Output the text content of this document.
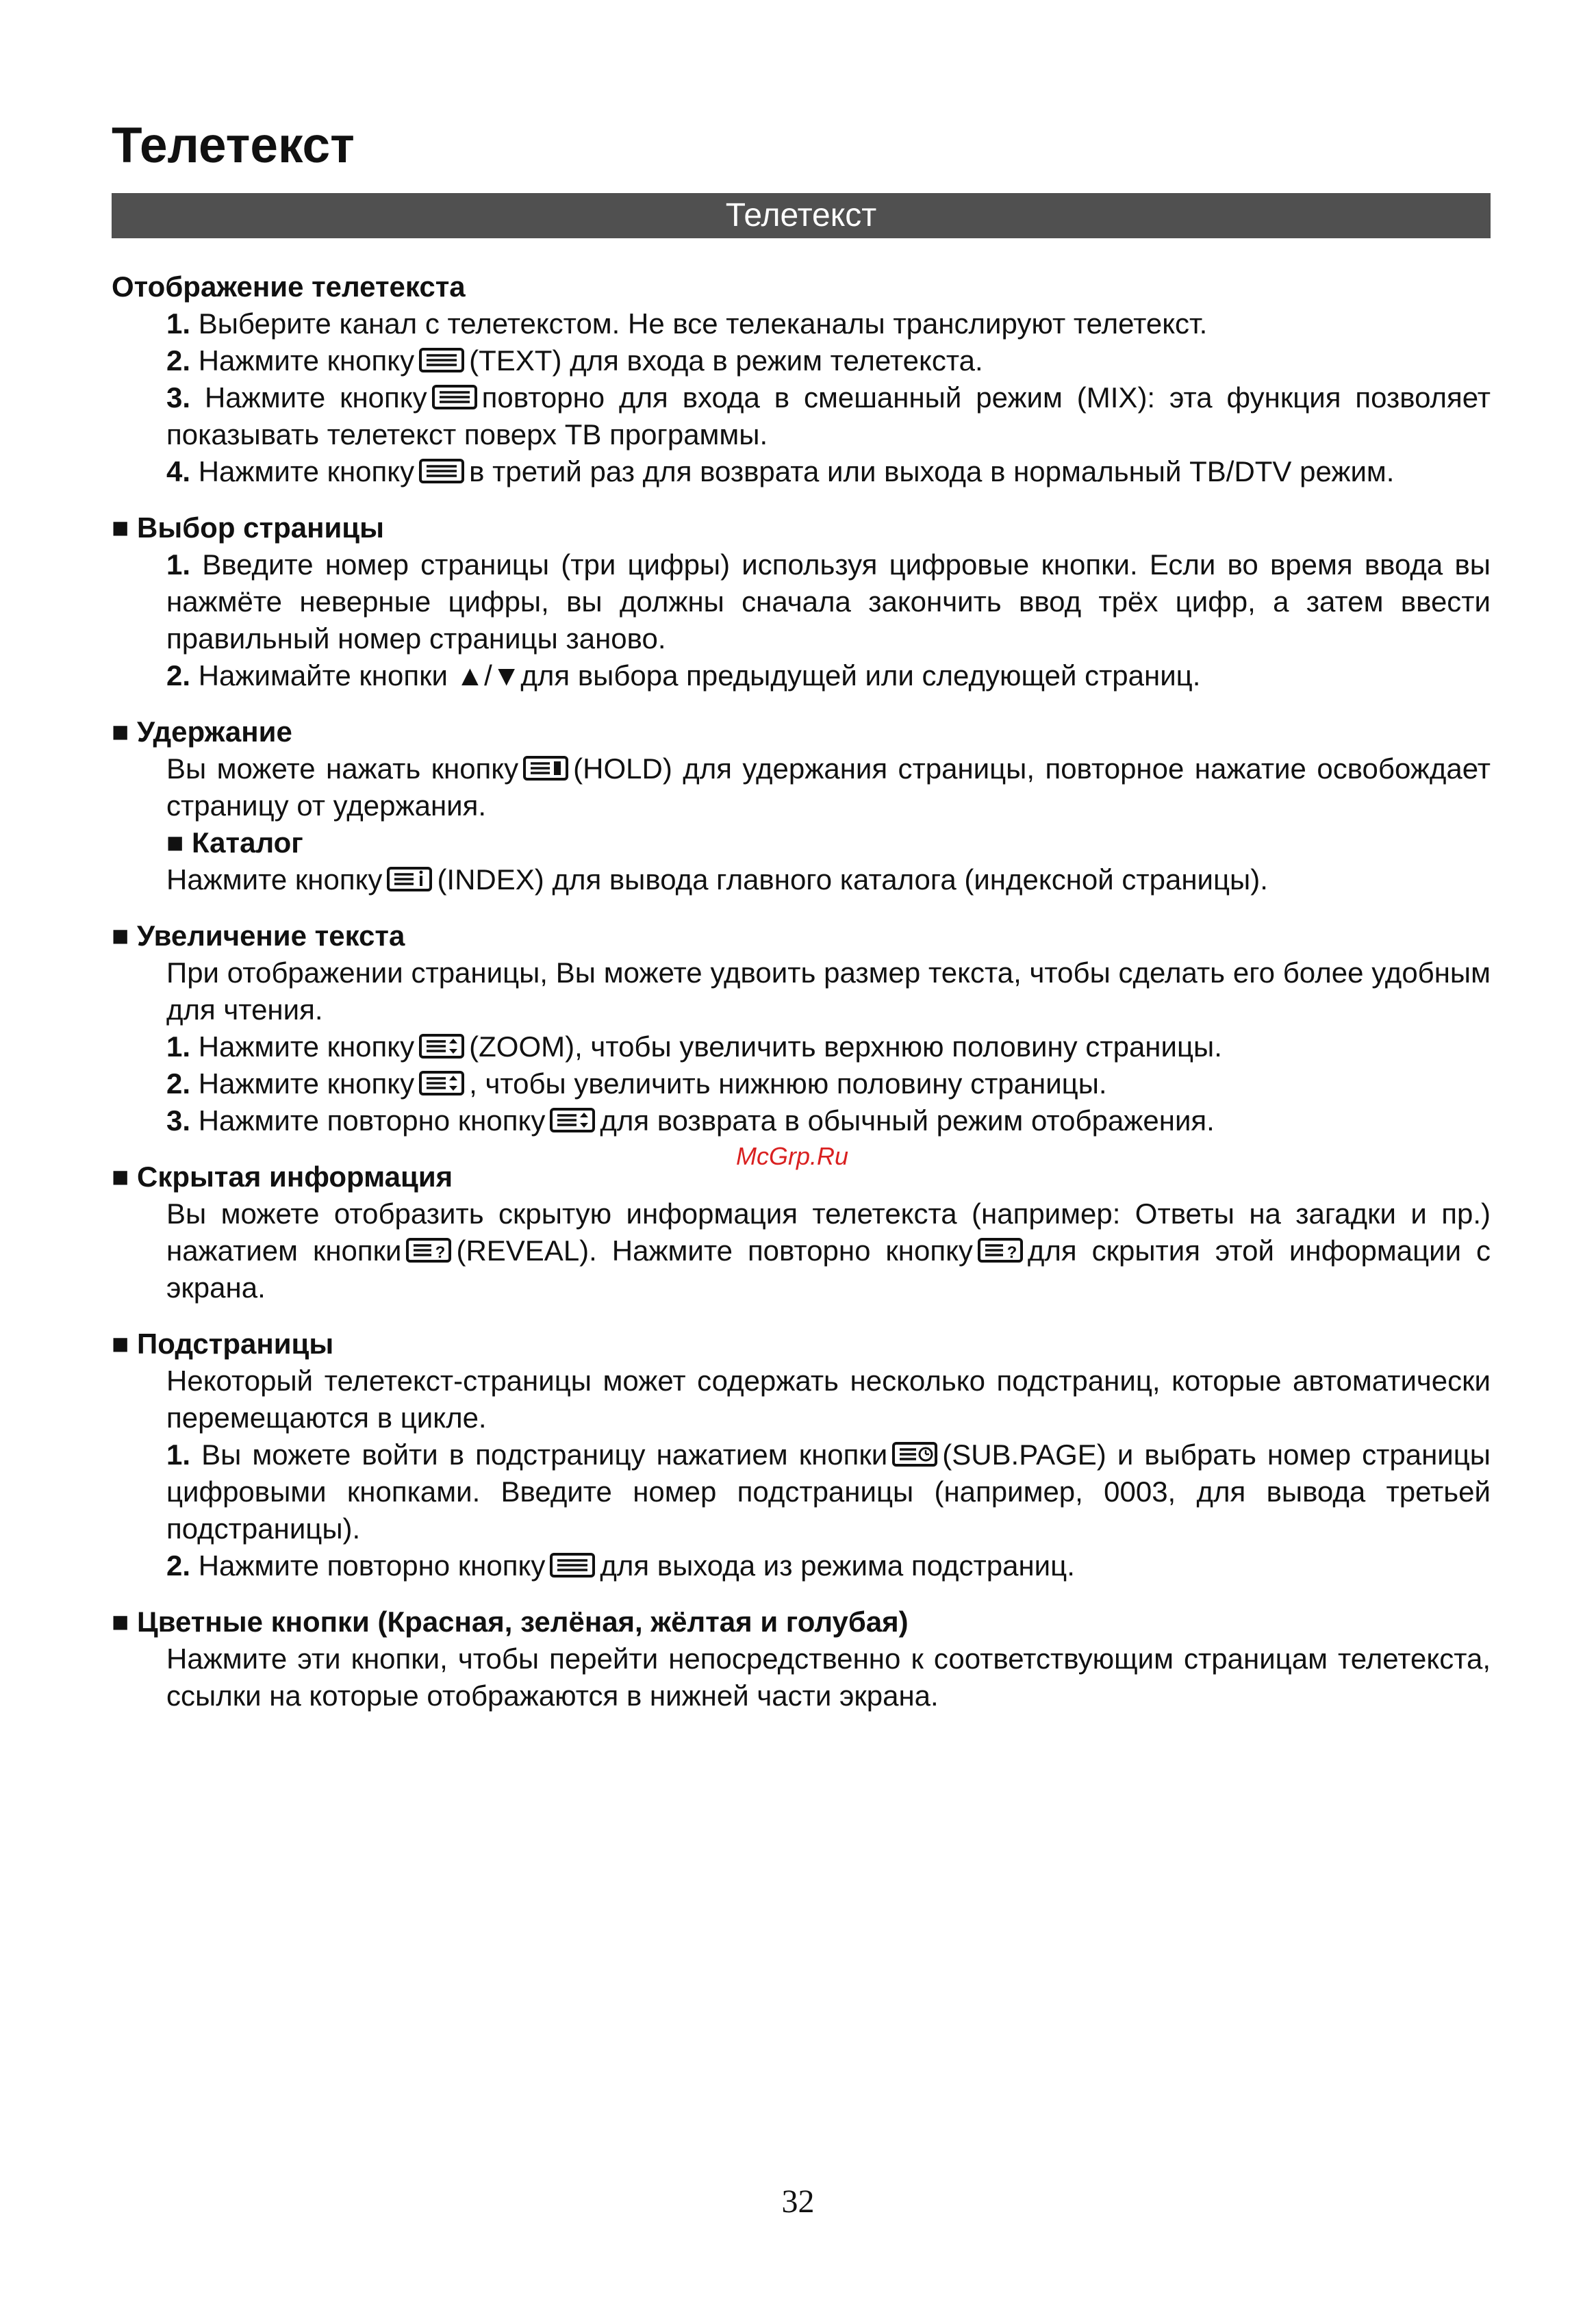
Телетекст
Телетекст
Отображение телетекста

1. Выберите канал с телетекстом. Не все телеканалы транслируют телетекст.

2. Нажмите кнопку (TEXT) для входа в режим телетекста.

3. Нажмите кнопку повторно для входа в смешанный режим (MIX): эта функция позволяет показывать телетекст поверх ТВ программы.

4. Нажмите кнопку в третий раз для возврата или выхода в нормальный ТВ/DTV режим.

■ Выбор страницы

1. Введите номер страницы (три цифры) используя цифровые кнопки. Если во время ввода вы нажмёте неверные цифры, вы должны сначала закончить ввод трёх цифр, а затем ввести правильный номер страницы заново.

2. Нажимайте кнопки ▲/▼для выбора предыдущей или следующей страниц.

■ Удержание

Вы можете нажать кнопку (HOLD) для удержания страницы, повторное нажатие освобождает страницу от удержания.

■ Каталог

Нажмите кнопку (INDEX) для вывода главного каталога (индексной страницы).

■ Увеличение текста

При отображении страницы, Вы можете удвоить размер текста, чтобы сделать его более удобным для чтения.

1. Нажмите кнопку (ZOOM), чтобы увеличить верхнюю половину страницы.

2. Нажмите кнопку , чтобы увеличить нижнюю половину страницы.

3. Нажмите повторно кнопку для возврата в обычный режим отображения.

■ Скрытая информация

Вы можете отобразить скрытую информация телетекста (например: Ответы на загадки и пр.) нажатием кнопки ? (REVEAL). Нажмите повторно кнопку ? для скрытия этой информации с экрана.

■ Подстраницы

Некоторый телетекст-страницы может содержать несколько подстраниц, которые автоматически перемещаются в цикле.

1. Вы можете войти в подстраницу нажатием кнопки (SUB.PAGE) и выбрать номер страницы цифровыми кнопками. Введите номер подстраницы (например, 0003, для вывода третьей подстраницы).

2. Нажмите повторно кнопку для выхода из режима подстраниц.

■ Цветные кнопки (Красная, зелёная, жёлтая и голубая)

Нажмите эти кнопки, чтобы перейти непосредственно к соответствующим страницам телетекста, ссылки на которые отображаются в нижней части экрана.

McGrp.Ru
32
